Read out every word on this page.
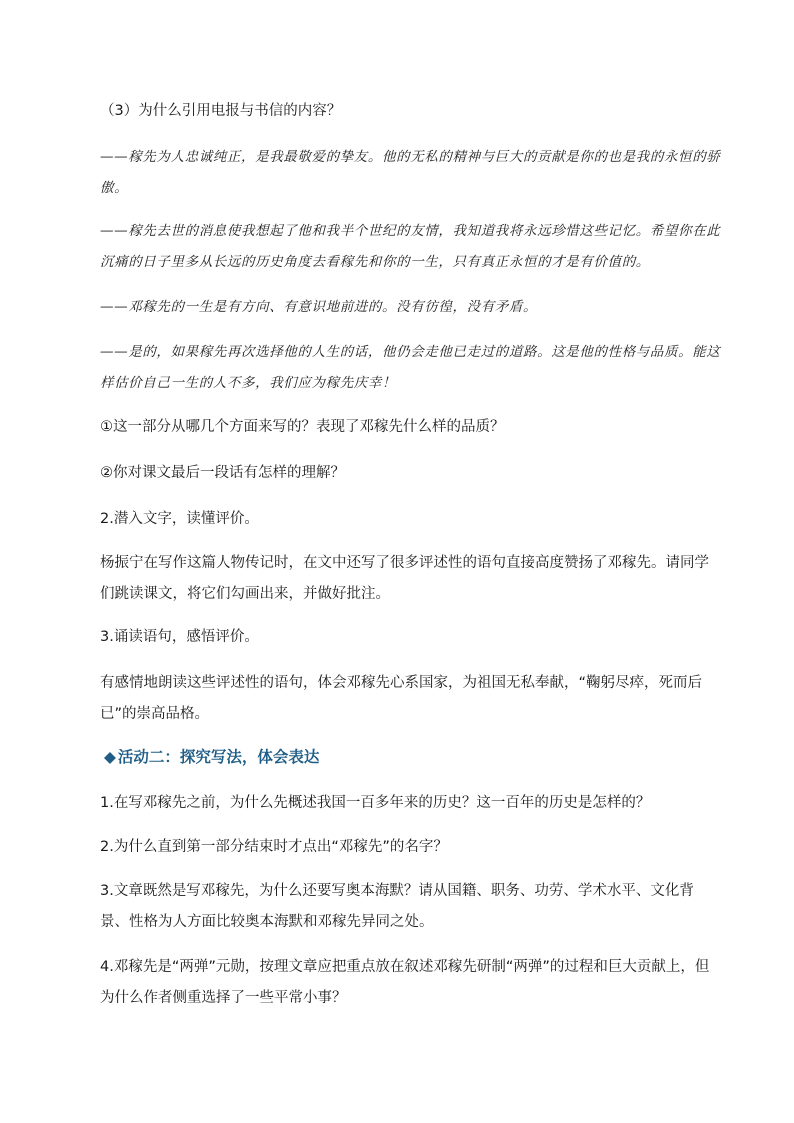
（3）为什么引用电报与书信的内容？

——稼先为人忠诚纯正，是我最敬爱的挚友。他的无私的精神与巨大的贡献是你的也是我的永恒的骄傲。

——稼先去世的消息使我想起了他和我半个世纪的友情，我知道我将永远珍惜这些记忆。希望你在此沉痛的日子里多从长远的历史角度去看稼先和你的一生，只有真正永恒的才是有价值的。

——邓稼先的一生是有方向、有意识地前进的。没有彷徨，没有矛盾。

——是的，如果稼先再次选择他的人生的话，他仍会走他已走过的道路。这是他的性格与品质。能这样估价自己一生的人不多，我们应为稼先庆幸！

①这一部分从哪几个方面来写的？表现了邓稼先什么样的品质？

②你对课文最后一段话有怎样的理解？

2.潜入文字，读懂评价。

杨振宁在写作这篇人物传记时，在文中还写了很多评述性的语句直接高度赞扬了邓稼先。请同学们跳读课文，将它们勾画出来，并做好批注。

3.诵读语句，感悟评价。

有感情地朗读这些评述性的语句，体会邓稼先心系国家，为祖国无私奉献，“鞠躬尽瘁，死而后已”的崇高品格。

◆ 活动二：探究写法，体会表达

1.在写邓稼先之前，为什么先概述我国一百多年来的历史？这一百年的历史是怎样的？

2.为什么直到第一部分结束时才点出“邓稼先”的名字？

3.文章既然是写邓稼先，为什么还要写奥本海默？请从国籍、职务、功劳、学术水平、文化背景、性格为人方面比较奥本海默和邓稼先异同之处。

4.邓稼先是“两弹”元勋，按理文章应把重点放在叙述邓稼先研制“两弹”的过程和巨大贡献上，但为什么作者侧重选择了一些平常小事？
